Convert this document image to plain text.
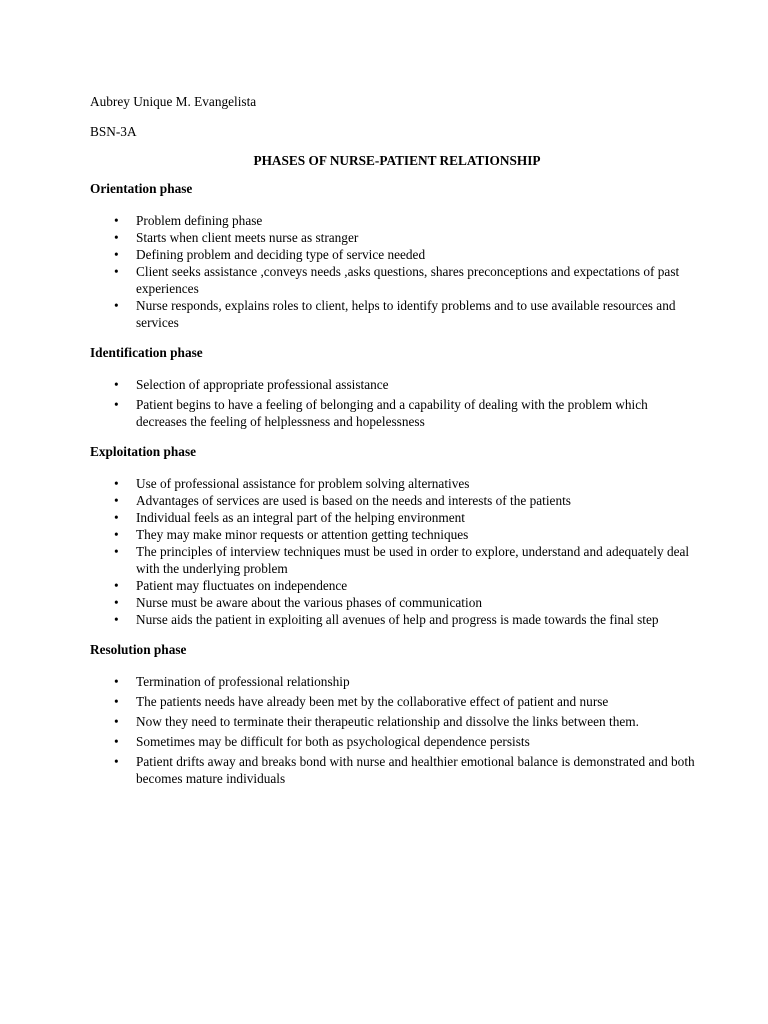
Aubrey Unique M. Evangelista

BSN-3A

PHASES OF NURSE-PATIENT RELATIONSHIP

Orientation phase

• Problem defining phase
• Starts when client meets nurse as stranger
• Defining problem and deciding type of service needed
• Client seeks assistance ,conveys needs ,asks questions, shares preconceptions and expectations of past experiences
• Nurse responds, explains roles to client, helps to identify problems and to use available resources and services

Identification phase

• Selection of appropriate professional assistance
• Patient begins to have a feeling of belonging and a capability of dealing with the problem which decreases the feeling of helplessness and hopelessness

Exploitation phase

• Use of professional assistance for problem solving alternatives
• Advantages of services are used is based on the needs and interests of the patients
• Individual feels as an integral part of the helping environment
• They may make minor requests or attention getting techniques
• The principles of interview techniques must be used in order to explore, understand and adequately deal with the underlying problem
• Patient may fluctuates on independence
• Nurse must be aware about the various phases of communication
• Nurse aids the patient in exploiting all avenues of help and progress is made towards the final step

Resolution phase

• Termination of professional relationship
• The patients needs have already been met by the collaborative effect of patient and nurse
• Now they need to terminate their therapeutic relationship and dissolve the links between them.
• Sometimes may be difficult for both as psychological dependence persists
• Patient drifts away and breaks bond with nurse and healthier emotional balance is demonstrated and both becomes mature individuals
